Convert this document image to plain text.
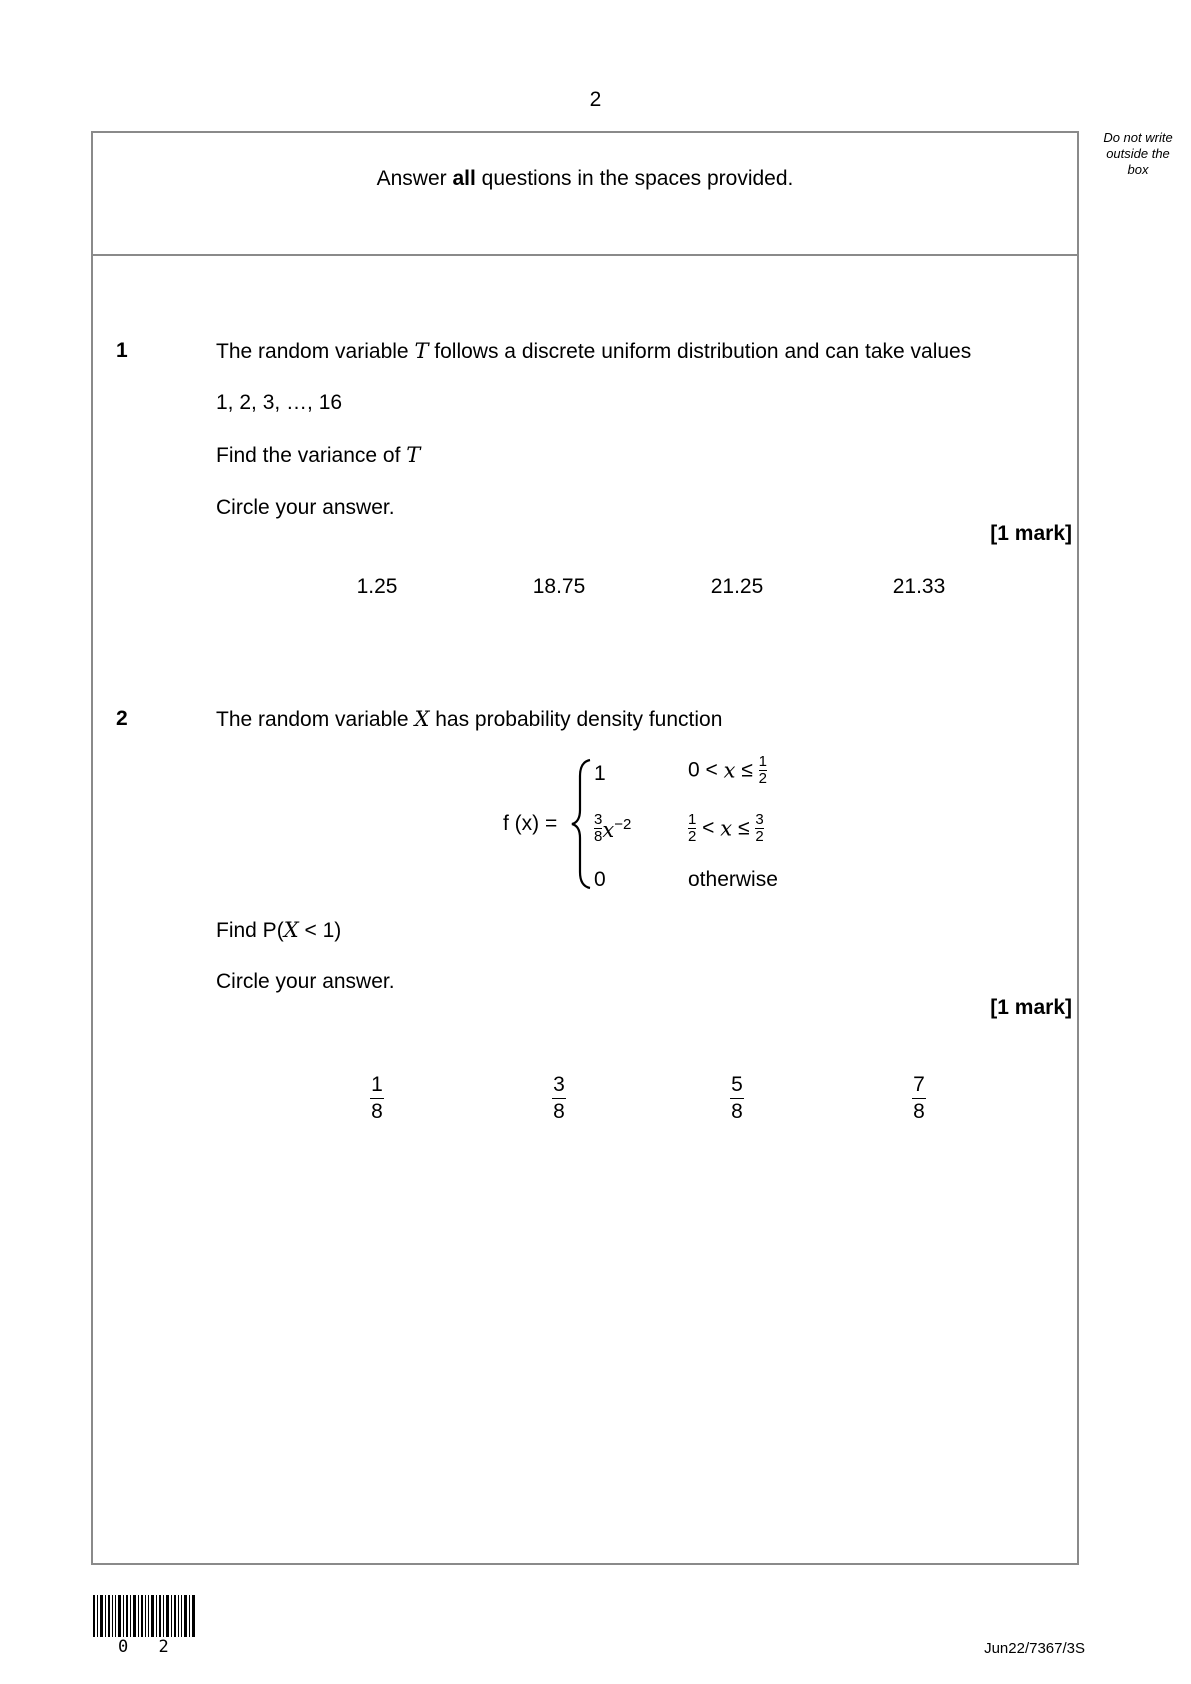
2
Do not write
outside the
box
Answer all questions in the spaces provided.
1	The random variable T follows a discrete uniform distribution and can take values
1, 2, 3, …, 16
Find the variance of T
Circle your answer.
[1 mark]
1.25	18.75	21.25	21.33
2	The random variable X has probability density function
f (x) =
1	$0 < x \le \frac{1}{2}$
$\frac{3}{8}x^{-2}$	$\frac{1}{2} < x \le \frac{3}{2}$
0	otherwise
Find P(X < 1)
Circle your answer.
[1 mark]
1
8
3
8
5
8
7
8
0 2	Jun22/7367/3S
